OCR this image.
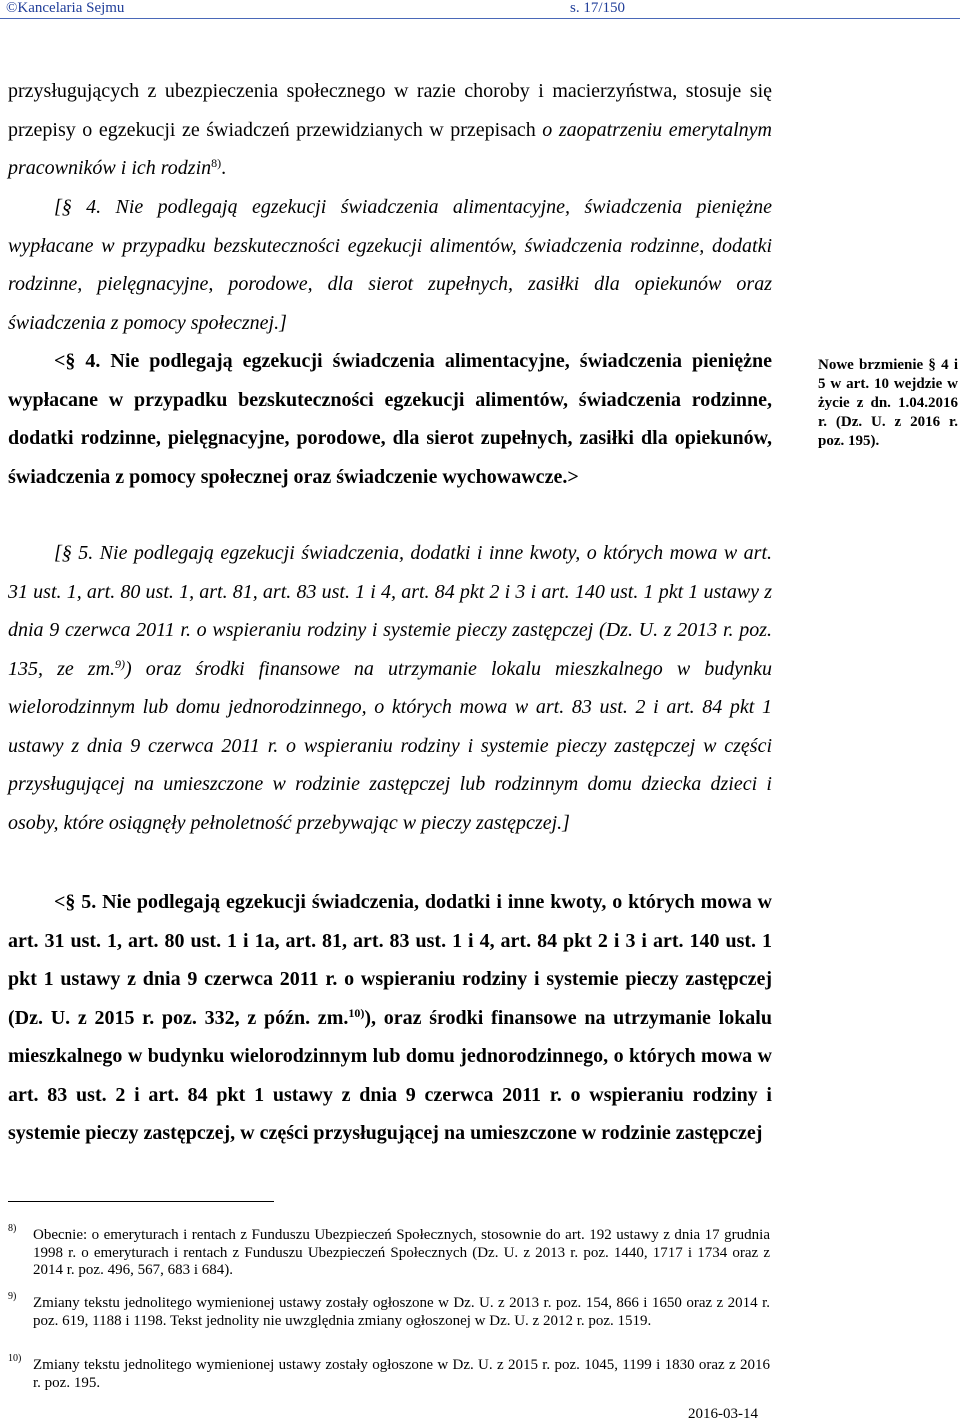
©Kancelaria Sejmu	s. 17/150

przysługujących z ubezpieczenia społecznego w razie choroby i macierzyństwa, stosuje się przepisy o egzekucji ze świadczeń przewidzianych w przepisach o zaopatrzeniu emerytalnym pracowników i ich rodzin$^{8)}$.

[§ 4. Nie podlegają egzekucji świadczenia alimentacyjne, świadczenia pieniężne wypłacane w przypadku bezskuteczności egzekucji alimentów, świadczenia rodzinne, dodatki rodzinne, pielęgnacyjne, porodowe, dla sierot zupełnych, zasiłki dla opiekunów oraz świadczenia z pomocy społecznej.]

<§ 4. Nie podlegają egzekucji świadczenia alimentacyjne, świadczenia pieniężne wypłacane w przypadku bezskuteczności egzekucji alimentów, świadczenia rodzinne, dodatki rodzinne, pielęgnacyjne, porodowe, dla sierot zupełnych, zasiłki dla opiekunów, świadczenia z pomocy społecznej oraz świadczenie wychowawcze.>

[§ 5. Nie podlegają egzekucji świadczenia, dodatki i inne kwoty, o których mowa w art. 31 ust. 1, art. 80 ust. 1, art. 81, art. 83 ust. 1 i 4, art. 84 pkt 2 i 3 i art. 140 ust. 1 pkt 1 ustawy z dnia 9 czerwca 2011 r. o wspieraniu rodziny i systemie pieczy zastępczej (Dz. U. z 2013 r. poz. 135, ze zm.$^{9)}$) oraz środki finansowe na utrzymanie lokalu mieszkalnego w budynku wielorodzinnym lub domu jednorodzinnego, o których mowa w art. 83 ust. 2 i art. 84 pkt 1 ustawy z dnia 9 czerwca 2011 r. o wspieraniu rodziny i systemie pieczy zastępczej w części przysługującej na umieszczone w rodzinie zastępczej lub rodzinnym domu dziecka dzieci i osoby, które osiągnęły pełnoletność przebywając w pieczy zastępczej.]

<§ 5. Nie podlegają egzekucji świadczenia, dodatki i inne kwoty, o których mowa w art. 31 ust. 1, art. 80 ust. 1 i 1a, art. 81, art. 83 ust. 1 i 4, art. 84 pkt 2 i 3 i art. 140 ust. 1 pkt 1 ustawy z dnia 9 czerwca 2011 r. o wspieraniu rodziny i systemie pieczy zastępczej (Dz. U. z 2015 r. poz. 332, z późn. zm.$^{10)}$), oraz środki finansowe na utrzymanie lokalu mieszkalnego w budynku wielorodzinnym lub domu jednorodzinnego, o których mowa w art. 83 ust. 2 i art. 84 pkt 1 ustawy z dnia 9 czerwca 2011 r. o wspieraniu rodziny i systemie pieczy zastępczej, w części przysługującej na umieszczone w rodzinie zastępczej

Nowe brzmienie § 4 i 5 w art. 10 wejdzie w życie z dn. 1.04.2016 r. (Dz. U. z 2016 r. poz. 195).

8) Obecnie: o emeryturach i rentach z Funduszu Ubezpieczeń Społecznych, stosownie do art. 192 ustawy z dnia 17 grudnia 1998 r. o emeryturach i rentach z Funduszu Ubezpieczeń Społecznych (Dz. U. z 2013 r. poz. 1440, 1717 i 1734 oraz z 2014 r. poz. 496, 567, 683 i 684).
9) Zmiany tekstu jednolitego wymienionej ustawy zostały ogłoszone w Dz. U. z 2013 r. poz. 154, 866 i 1650 oraz z 2014 r. poz. 619, 1188 i 1198. Tekst jednolity nie uwzględnia zmiany ogłoszonej w Dz. U. z 2012 r. poz. 1519.
10) Zmiany tekstu jednolitego wymienionej ustawy zostały ogłoszone w Dz. U. z 2015 r. poz. 1045, 1199 i 1830 oraz z 2016 r. poz. 195.
2016-03-14
